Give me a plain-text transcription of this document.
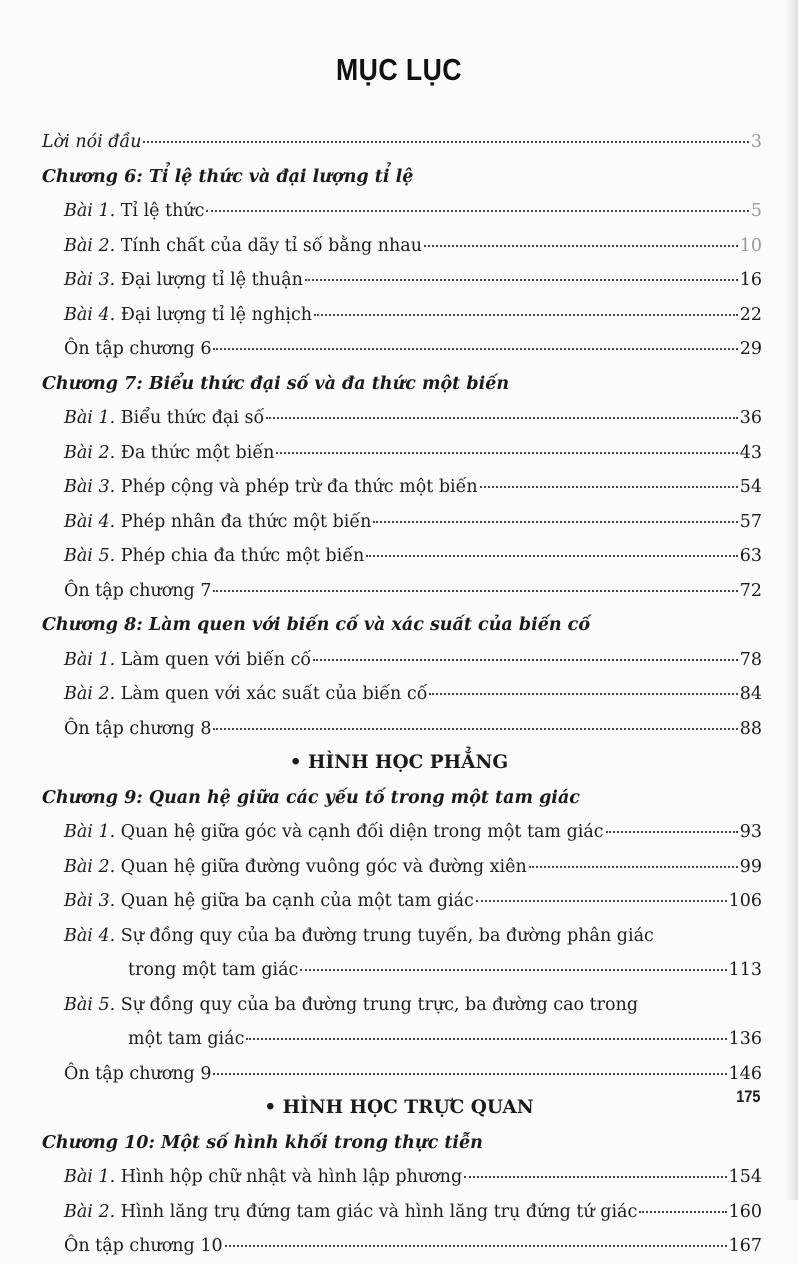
MỤC LỤC
Lời nói đầu	3
Chương 6: Tỉ lệ thức và đại lượng tỉ lệ
Bài 1. Tỉ lệ thức	5
Bài 2. Tính chất của dãy tỉ số bằng nhau	10
Bài 3. Đại lượng tỉ lệ thuận	16
Bài 4. Đại lượng tỉ lệ nghịch	22
Ôn tập chương 6	29
Chương 7: Biểu thức đại số và đa thức một biến
Bài 1. Biểu thức đại số	36
Bài 2. Đa thức một biến	43
Bài 3. Phép cộng và phép trừ đa thức một biến	54
Bài 4. Phép nhân đa thức một biến	57
Bài 5. Phép chia đa thức một biến	63
Ôn tập chương 7	72
Chương 8: Làm quen với biến cố và xác suất của biến cố
Bài 1. Làm quen với biến cố	78
Bài 2. Làm quen với xác suất của biến cố	84
Ôn tập chương 8	88
• HÌNH HỌC PHẲNG
Chương 9: Quan hệ giữa các yếu tố trong một tam giác
Bài 1. Quan hệ giữa góc và cạnh đối diện trong một tam giác	93
Bài 2. Quan hệ giữa đường vuông góc và đường xiên	99
Bài 3. Quan hệ giữa ba cạnh của một tam giác	106
Bài 4. Sự đồng quy của ba đường trung tuyến, ba đường phân giác
trong một tam giác	113
Bài 5. Sự đồng quy của ba đường trung trực, ba đường cao trong
một tam giác	136
Ôn tập chương 9	146
• HÌNH HỌC TRỰC QUAN
Chương 10: Một số hình khối trong thực tiễn
Bài 1. Hình hộp chữ nhật và hình lập phương	154
Bài 2. Hình lăng trụ đứng tam giác và hình lăng trụ đứng tứ giác	160
Ôn tập chương 10	167
175
